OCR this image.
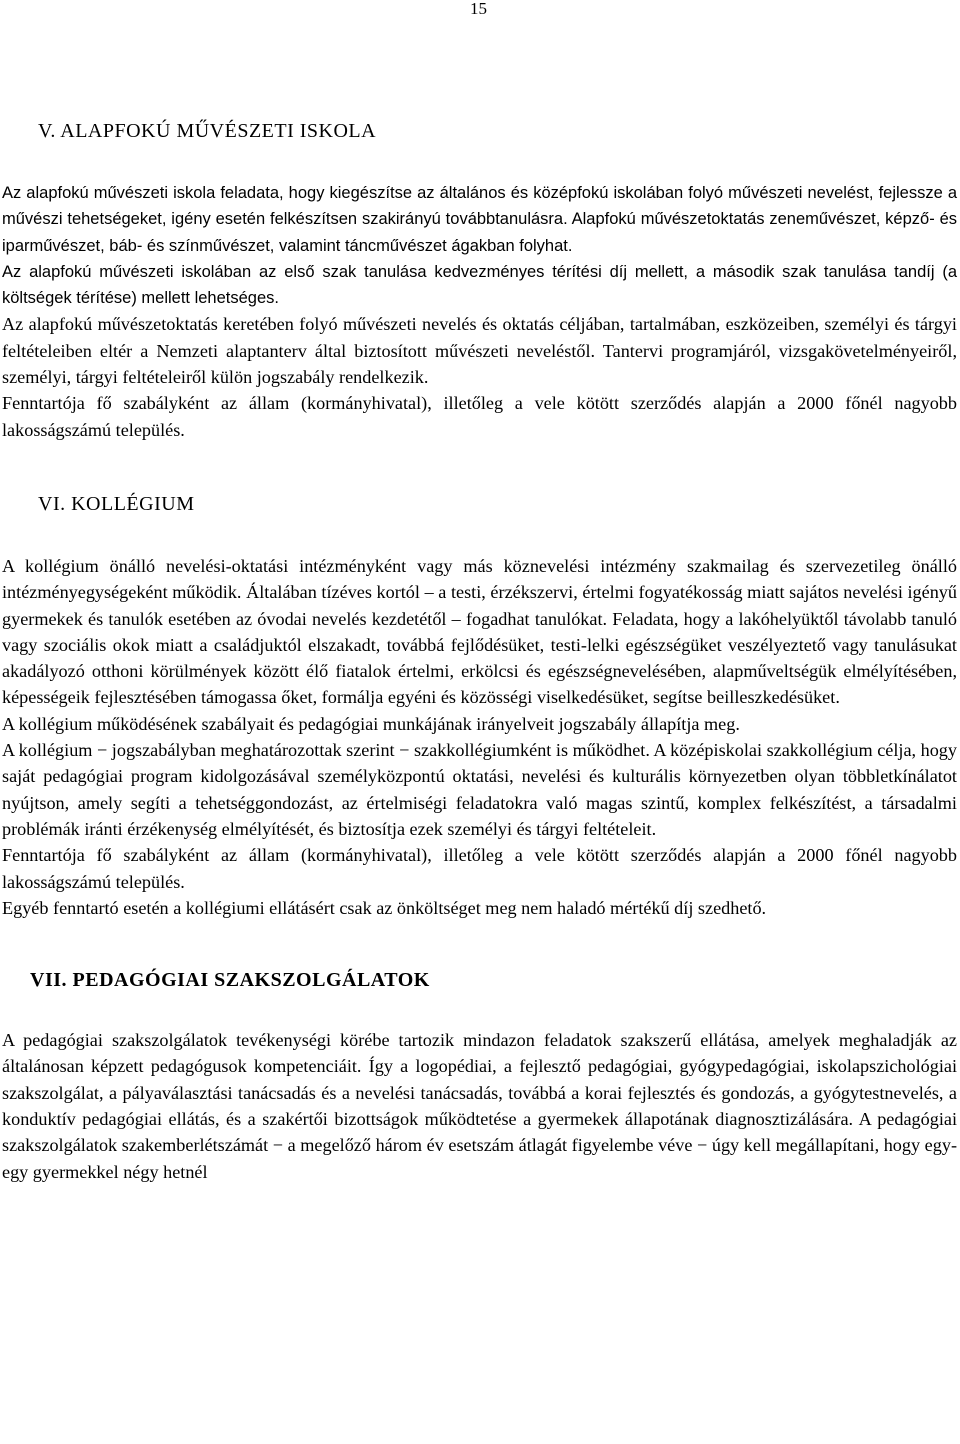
15
V. ALAPFOKÚ MŰVÉSZETI ISKOLA

Az alapfokú művészeti iskola feladata, hogy kiegészítse az általános és középfokú iskolában folyó művészeti nevelést, fejlessze a művészi tehetségeket, igény esetén felkészítsen szakirányú továbbtanulásra. Alapfokú művészetoktatás zeneművészet, képző- és iparművészet, báb- és színművészet, valamint táncművészet ágakban folyhat.

Az alapfokú művészeti iskolában az első szak tanulása kedvezményes térítési díj mellett, a második szak tanulása tandíj (a költségek térítése) mellett lehetséges.

Az alapfokú művészetoktatás keretében folyó művészeti nevelés és oktatás céljában, tartalmában, eszközeiben, személyi és tárgyi feltételeiben eltér a Nemzeti alaptanterv által biztosított művészeti neveléstől. Tantervi programjáról, vizsgakövetelményeiről, személyi, tárgyi feltételeiről külön jogszabály rendelkezik.

Fenntartója fő szabályként az állam (kormányhivatal), illetőleg a vele kötött szerződés alapján a 2000 főnél nagyobb lakosságszámú település.

VI. KOLLÉGIUM

A kollégium önálló nevelési-oktatási intézményként vagy más köznevelési intézmény szakmailag és szervezetileg önálló intézményegységeként működik. Általában tízéves kortól – a testi, érzékszervi, értelmi fogyatékosság miatt sajátos nevelési igényű gyermekek és tanulók esetében az óvodai nevelés kezdetétől – fogadhat tanulókat. Feladata, hogy a lakóhelyüktől távolabb tanuló vagy szociális okok miatt a családjuktól elszakadt, továbbá fejlődésüket, testi-lelki egészségüket veszélyeztető vagy tanulásukat akadályozó otthoni körülmények között élő fiatalok értelmi, erkölcsi és egészségnevelésében, alapműveltségük elmélyítésében, képességeik fejlesztésében támogassa őket, formálja egyéni és közösségi viselkedésüket, segítse beilleszkedésüket.

A kollégium működésének szabályait és pedagógiai munkájának irányelveit jogszabály állapítja meg.

A kollégium − jogszabályban meghatározottak szerint − szakkollégiumként is működhet. A középiskolai szakkollégium célja, hogy saját pedagógiai program kidolgozásával személyközpontú oktatási, nevelési és kulturális környezetben olyan többletkínálatot nyújtson, amely segíti a tehetséggondozást, az értelmiségi feladatokra való magas szintű, komplex felkészítést, a társadalmi problémák iránti érzékenység elmélyítését, és biztosítja ezek személyi és tárgyi feltételeit.

Fenntartója fő szabályként az állam (kormányhivatal), illetőleg a vele kötött szerződés alapján a 2000 főnél nagyobb lakosságszámú település.

Egyéb fenntartó esetén a kollégiumi ellátásért csak az önköltséget meg nem haladó mértékű díj szedhető.

VII. PEDAGÓGIAI SZAKSZOLGÁLATOK

A pedagógiai szakszolgálatok tevékenységi körébe tartozik mindazon feladatok szakszerű ellátása, amelyek meghaladják az általánosan képzett pedagógusok kompetenciáit. Így a logopédiai, a fejlesztő pedagógiai, gyógypedagógiai, iskolapszichológiai szakszolgálat, a pályaválasztási tanácsadás és a nevelési tanácsadás, továbbá a korai fejlesztés és gondozás, a gyógytestnevelés, a konduktív pedagógiai ellátás, és a szakértői bizottságok működtetése a gyermekek állapotának diagnosztizálására. A pedagógiai szakszolgálatok szakemberlétszámát − a megelőző három év esetszám átlagát figyelembe véve − úgy kell megállapítani, hogy egy-egy gyermekkel négy hetnél
